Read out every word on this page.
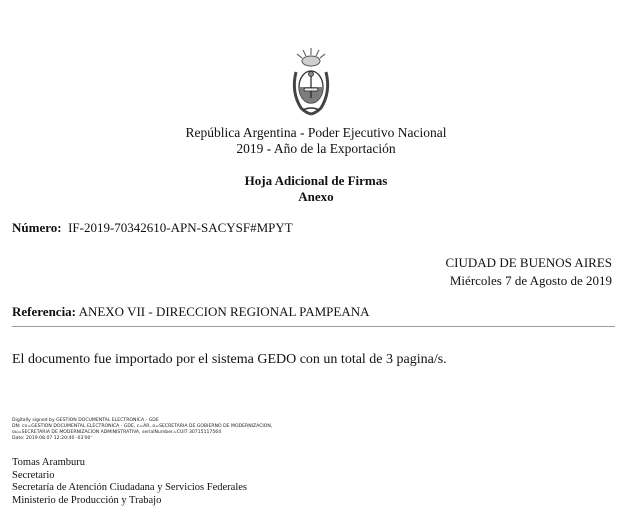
República Argentina - Poder Ejecutivo Nacional
2019 - Año de la Exportación
Hoja Adicional de Firmas
Anexo
Número: IF-2019-70342610-APN-SACYSF#MPYT
CIUDAD DE BUENOS AIRES
Miércoles 7 de Agosto de 2019
Referencia: ANEXO VII - DIRECCION REGIONAL PAMPEANA
El documento fue importado por el sistema GEDO con un total de 3 pagina/s.
Digitally signed by GESTION DOCUMENTAL ELECTRONICA - GDE
DN: cn=GESTION DOCUMENTAL ELECTRONICA - GDE, c=AR, o=SECRETARIA DE GOBIERNO DE MODERNIZACION,
ou=SECRETARIA DE MODERNIZACION ADMINISTRATIVA, serialNumber=CUIT 30715117564
Date: 2019.08.07 12:20:40 -03'00'
Tomas Aramburu
Secretario
Secretaría de Atención Ciudadana y Servicios Federales
Ministerio de Producción y Trabajo
